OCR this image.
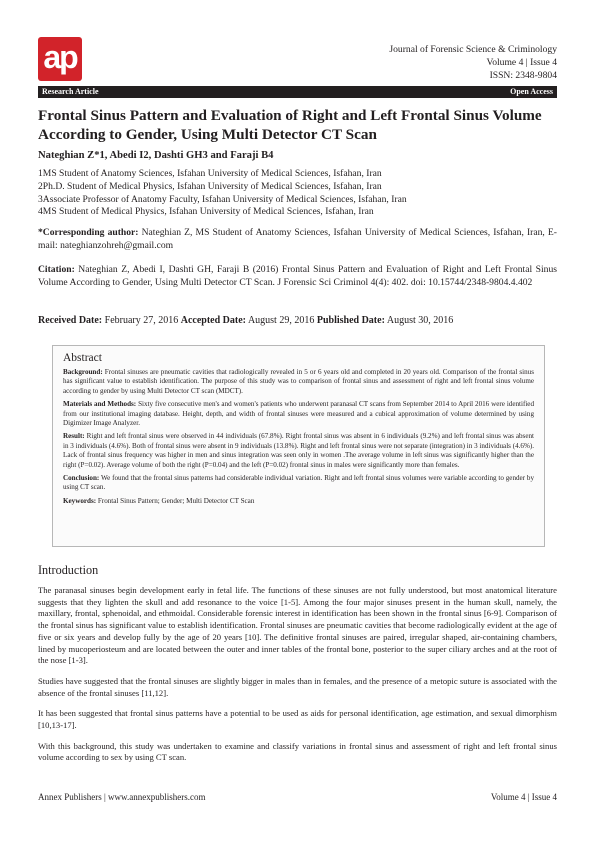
ap	Journal of Forensic Science & Criminology
Volume 4 | Issue 4
ISSN: 2348-9804
Research Article	Open Access
Frontal Sinus Pattern and Evaluation of Right and Left Frontal Sinus Volume According to Gender, Using Multi Detector CT Scan
Nateghian Z*1, Abedi I2, Dashti GH3 and Faraji B4
1MS Student of Anatomy Sciences, Isfahan University of Medical Sciences, Isfahan, Iran
2Ph.D. Student of Medical Physics, Isfahan University of Medical Sciences, Isfahan, Iran
3Associate Professor of Anatomy Faculty, Isfahan University of Medical Sciences, Isfahan, Iran
4MS Student of Medical Physics, Isfahan University of Medical Sciences, Isfahan, Iran
*Corresponding author: Nateghian Z, MS Student of Anatomy Sciences, Isfahan University of Medical Sciences, Isfahan, Iran, E-mail: nateghianzohreh@gmail.com
Citation: Nateghian Z, Abedi I, Dashti GH, Faraji B (2016) Frontal Sinus Pattern and Evaluation of Right and Left Frontal Sinus Volume According to Gender, Using Multi Detector CT Scan. J Forensic Sci Criminol 4(4): 402. doi: 10.15744/2348-9804.4.402
Received Date: February 27, 2016 Accepted Date: August 29, 2016 Published Date: August 30, 2016
Abstract

Background: Frontal sinuses are pneumatic cavities that radiologically revealed in 5 or 6 years old and completed in 20 years old. Comparison of the frontal sinus has significant value to establish identification. The purpose of this study was to comparison of frontal sinus and assessment of right and left frontal sinus volume according to gender by using Multi Detector CT scan (MDCT).

Materials and Methods: Sixty five consecutive men's and women's patients who underwent paranasal CT scans from September 2014 to April 2016 were identified from our institutional imaging database. Height, depth, and width of frontal sinuses were measured and a cubical approximation of volume determined by using Digimizer Image Analyzer.

Result: Right and left frontal sinus were observed in 44 individuals (67.8%). Right frontal sinus was absent in 6 individuals (9.2%) and left frontal sinus was absent in 3 individuals (4.6%). Both of frontal sinus were absent in 9 individuals (13.8%). Right and left frontal sinus were not separate (integration) in 3 individuals (4.6%). Lack of frontal sinus frequency was higher in men and sinus integration was seen only in women .The average volume in left sinus was significantly higher than the right (P=0.02). Average volume of both the right (P=0.04) and the left (P=0.02) frontal sinus in males were significantly more than females.

Conclusion: We found that the frontal sinus patterns had considerable individual variation. Right and left frontal sinus volumes were variable according to gender by using CT scan.

Keywords: Frontal Sinus Pattern; Gender; Multi Detector CT Scan

Introduction

The paranasal sinuses begin development early in fetal life. The functions of these sinuses are not fully understood, but most anatomical literature suggests that they lighten the skull and add resonance to the voice [1-5]. Among the four major sinuses present in the human skull, namely, the maxillary, frontal, sphenoidal, and ethmoidal. Considerable forensic interest in identification has been shown in the frontal sinus [6-9]. Comparison of the frontal sinus has significant value to establish identification. Frontal sinuses are pneumatic cavities that become radiologically evident at the age of five or six years and develop fully by the age of 20 years [10]. The definitive frontal sinuses are paired, irregular shaped, air-containing chambers, lined by mucoperiosteum and are located between the outer and inner tables of the frontal bone, posterior to the super ciliary arches and at the root of the nose [1-3].

Studies have suggested that the frontal sinuses are slightly bigger in males than in females, and the presence of a metopic suture is associated with the absence of the frontal sinuses [11,12].

It has been suggested that frontal sinus patterns have a potential to be used as aids for personal identification, age estimation, and sexual dimorphism [10,13-17].

With this background, this study was undertaken to examine and classify variations in frontal sinus and assessment of right and left frontal sinus volume according to sex by using CT scan.

Annex Publishers | www.annexpublishers.com	Volume 4 | Issue 4
